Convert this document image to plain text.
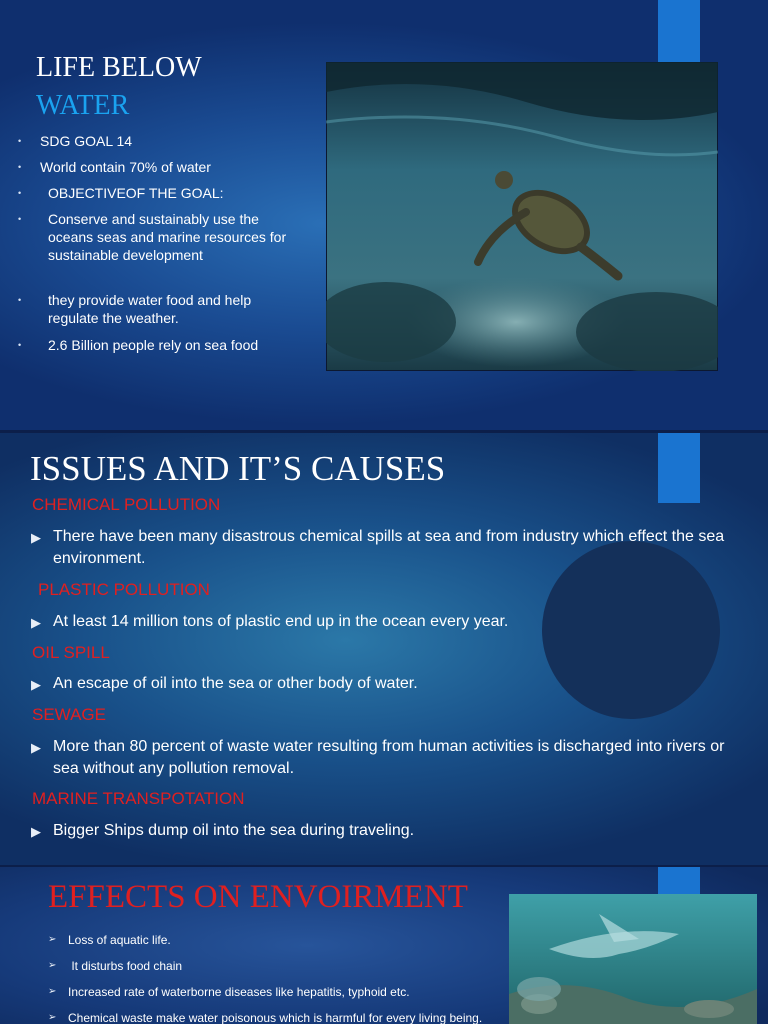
LIFE BELOW
WATER
• SDG GOAL 14
• World contain 70% of water
• OBJECTIVEOF THE GOAL:
• Conserve and sustainably use the oceans seas and marine resources for sustainable development
• they provide water food and help regulate the weather.
• 2.6 Billion people rely on sea food
ISSUES AND IT’S CAUSES

CHEMICAL POLLUTION

▶ There have been many disastrous chemical spills at sea and from industry which effect the sea environment.

PLASTIC POLLUTION

▶ At least 14 million tons of plastic end up in the ocean every year.

OIL SPILL

▶ An escape of oil into the sea or other body of water.

SEWAGE

▶ More than 80 percent of waste water resulting from human activities is discharged into rivers or sea without any pollution removal.

MARINE TRANSPOTATION

▶ Bigger Ships dump oil into the sea during traveling.

EFFECTS ON ENVOIRMENT
➢ Loss of aquatic life.
➢ It disturbs food chain
➢ Increased rate of waterborne diseases like hepatitis, typhoid etc.
➢ Chemical waste make water poisonous which is harmful for every living being.
